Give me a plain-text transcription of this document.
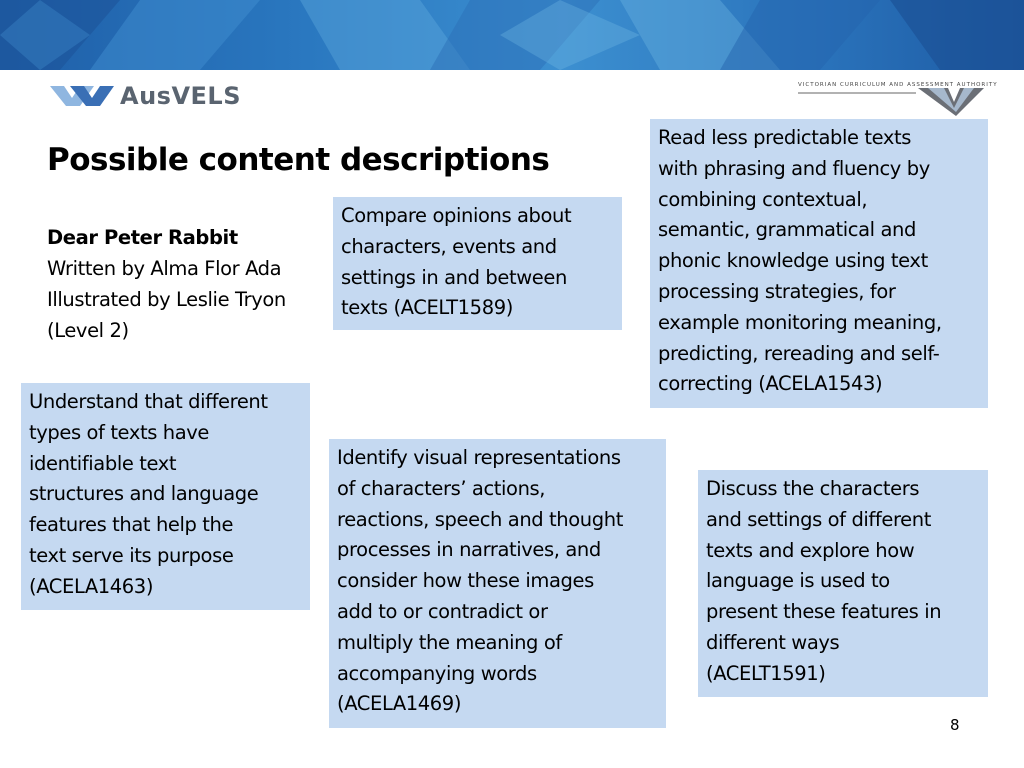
AusVELS	VICTORIAN CURRICULUM AND ASSESSMENT AUTHORITY
Possible content descriptions
Dear Peter Rabbit
Written by Alma Flor Ada
Illustrated by Leslie Tryon
(Level 2)
Compare opinions about
characters, events and
settings in and between
texts (ACELT1589)
Read less predictable texts
with phrasing and fluency by
combining contextual,
semantic, grammatical and
phonic knowledge using text
processing strategies, for
example monitoring meaning,
predicting, rereading and self-
correcting (ACELA1543)
Understand that different
types of texts have
identifiable text
structures and language
features that help the
text serve its purpose
(ACELA1463)
Identify visual representations
of characters’ actions,
reactions, speech and thought
processes in narratives, and
consider how these images
add to or contradict or
multiply the meaning of
accompanying words
(ACELA1469)
Discuss the characters
and settings of different
texts and explore how
language is used to
present these features in
different ways
(ACELT1591)
8
